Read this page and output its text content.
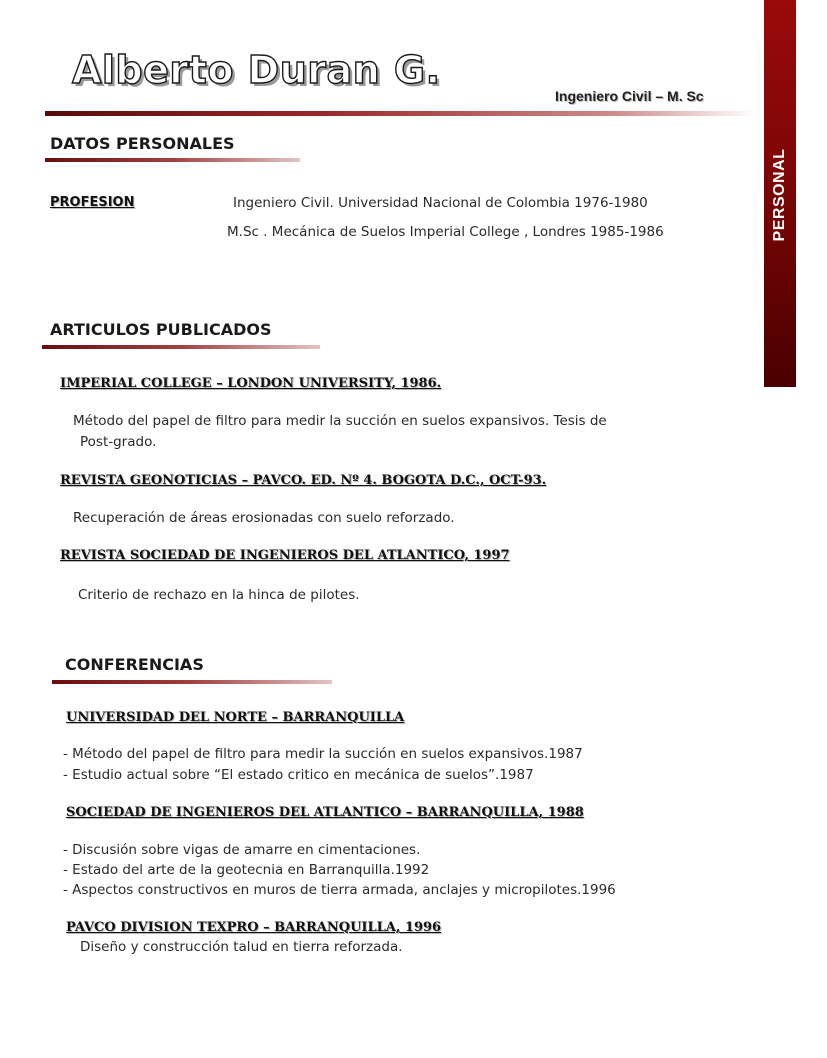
Alberto Duran G.
Ingeniero Civil – M. Sc
PERSONAL
DATOS PERSONALES
PROFESION	Ingeniero Civil. Universidad Nacional de Colombia 1976-1980
M.Sc . Mecánica de Suelos Imperial College , Londres 1985-1986
ARTICULOS PUBLICADOS
IMPERIAL COLLEGE – LONDON UNIVERSITY, 1986.
Método del papel de filtro para medir la succión en suelos expansivos. Tesis de
Post-grado.
REVISTA GEONOTICIAS – PAVCO. ED. Nº 4. BOGOTA D.C., OCT-93.
Recuperación de áreas erosionadas con suelo reforzado.
REVISTA SOCIEDAD DE INGENIEROS DEL ATLANTICO, 1997
Criterio de rechazo en la hinca de pilotes.
CONFERENCIAS
UNIVERSIDAD DEL NORTE – BARRANQUILLA
- Método del papel de filtro para medir la succión en suelos expansivos.1987
- Estudio actual sobre “El estado critico en mecánica de suelos”.1987
SOCIEDAD DE INGENIEROS DEL ATLANTICO – BARRANQUILLA, 1988
- Discusión sobre vigas de amarre en cimentaciones.
- Estado del arte de la geotecnia en Barranquilla.1992
- Aspectos constructivos en muros de tierra armada, anclajes y micropilotes.1996
PAVCO DIVISION TEXPRO – BARRANQUILLA, 1996
Diseño y construcción talud en tierra reforzada.
